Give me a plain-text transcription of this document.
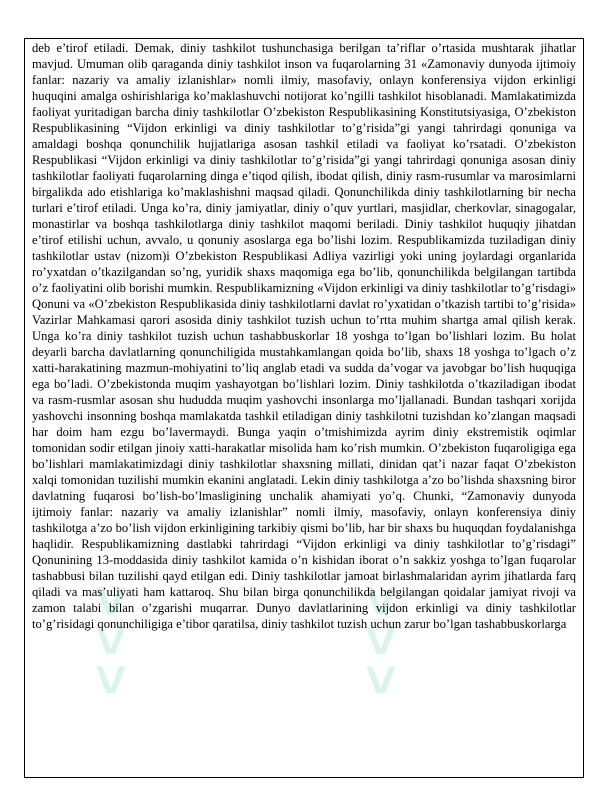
>>>	>>>

deb e’tirof etiladi. Demak, diniy tashkilot tushunchasiga berilgan ta’riflar o’rtasida mushtarak jihatlar mavjud. Umuman olib qaraganda diniy tashkilot inson va fuqarolarning 31 «Zamonaviy dunyoda ijtimoiy fanlar: nazariy va amaliy izlanishlar» nomli ilmiy, masofaviy, onlayn konferensiya vijdon erkinligi huquqini amalga oshirishlariga ko’maklashuvchi notijorat ko’ngilli tashkilot hisoblanadi. Mamlakatimizda faoliyat yuritadigan barcha diniy tashkilotlar O’zbekiston Respublikasining Konstitutsiyasiga, O’zbekiston Respublikasining “Vijdon erkinligi va diniy tashkilotlar to’g’risida”gi yangi tahrirdagi qonuniga va amaldagi boshqa qonunchilik hujjatlariga asosan tashkil etiladi va faoliyat ko’rsatadi. O’zbekiston Respublikasi “Vijdon erkinligi va diniy tashkilotlar to’g’risida”gi yangi tahrirdagi qonuniga asosan diniy tashkilotlar faoliyati fuqarolarning dinga e’tiqod qilish, ibodat qilish, diniy rasm-rusumlar va marosimlarni birgalikda ado etishlariga ko’maklashishni maqsad qiladi. Qonunchilikda diniy tashkilotlarning bir necha turlari e’tirof etiladi. Unga ko’ra, diniy jamiyatlar, diniy o’quv yurtlari, masjidlar, cherkovlar, sinagogalar, monastirlar va boshqa tashkilotlarga diniy tashkilot maqomi beriladi. Diniy tashkilot huquqiy jihatdan e’tirof etilishi uchun, avvalo, u qonuniy asoslarga ega bo’lishi lozim. Respublikamizda tuziladigan diniy tashkilotlar ustav (nizom)i O’zbekiston Respublikasi Adliya vazirligi yoki uning joylardagi organlarida ro’yxatdan o’tkazilgandan so’ng, yuridik shaxs maqomiga ega bo’lib, qonunchilikda belgilangan tartibda o’z faoliyatini olib borishi mumkin. Respublikamizning «Vijdon erkinligi va diniy tashkilotlar to’g’risdagi» Qonuni va «O’zbekiston Respublikasida diniy tashkilotlarni davlat ro’yxatidan o’tkazish tartibi to’g’risida» Vazirlar Mahkamasi qarori asosida diniy tashkilot tuzish uchun to’rtta muhim shartga amal qilish kerak. Unga ko’ra diniy tashkilot tuzish uchun tashabbuskorlar 18 yoshga to’lgan bo’lishlari lozim. Bu holat deyarli barcha davlatlarning qonunchiligida mustahkamlangan qoida bo’lib, shaxs 18 yoshga to’lgach o’z xatti-harakatining mazmun-mohiyatini to’liq anglab etadi va sudda da’vogar va javobgar bo’lish huquqiga ega bo’ladi. O’zbekistonda muqim yashayotgan bo’lishlari lozim. Diniy tashkilotda o’tkaziladigan ibodat va rasm-rusmlar asosan shu hududda muqim yashovchi insonlarga mo’ljallanadi. Bundan tashqari xorijda yashovchi insonning boshqa mamlakatda tashkil etiladigan diniy tashkilotni tuzishdan ko’zlangan maqsadi har doim ham ezgu bo’lavermaydi. Bunga yaqin o’tmishimizda ayrim diniy ekstremistik oqimlar tomonidan sodir etilgan jinoiy xatti-harakatlar misolida ham ko’rish mumkin. O’zbekiston fuqaroligiga ega bo’lishlari mamlakatimizdagi diniy tashkilotlar shaxsning millati, dinidan qat’i nazar faqat O’zbekiston xalqi tomonidan tuzilishi mumkin ekanini anglatadi. Lekin diniy tashkilotga a’zo bo’lishda shaxsning biror davlatning fuqarosi bo’lish-bo’lmasligining unchalik ahamiyati yo’q. Chunki, “Zamonaviy dunyoda ijtimoiy fanlar: nazariy va amaliy izlanishlar” nomli ilmiy, masofaviy, onlayn konferensiya diniy tashkilotga a’zo bo’lish vijdon erkinligining tarkibiy qismi bo’lib, har bir shaxs bu huquqdan foydalanishga haqlidir. Respublikamizning dastlabki tahrirdagi “Vijdon erkinligi va diniy tashkilotlar to’g’risdagi” Qonunining 13-moddasida diniy tashkilot kamida o’n kishidan iborat o’n sakkiz yoshga to’lgan fuqarolar tashabbusi bilan tuzilishi qayd etilgan edi. Diniy tashkilotlar jamoat birlashmalaridan ayrim jihatlarda farq qiladi va mas’uliyati ham kattaroq. Shu bilan birga qonunchilikda belgilangan qoidalar jamiyat rivoji va zamon talabi bilan o’zgarishi muqarrar. Dunyo davlatlarining vijdon erkinligi va diniy tashkilotlar to’g’risidagi qonunchiligiga e’tibor qaratilsa, diniy tashkilot tuzish uchun zarur bo’lgan tashabbuskorlarga
